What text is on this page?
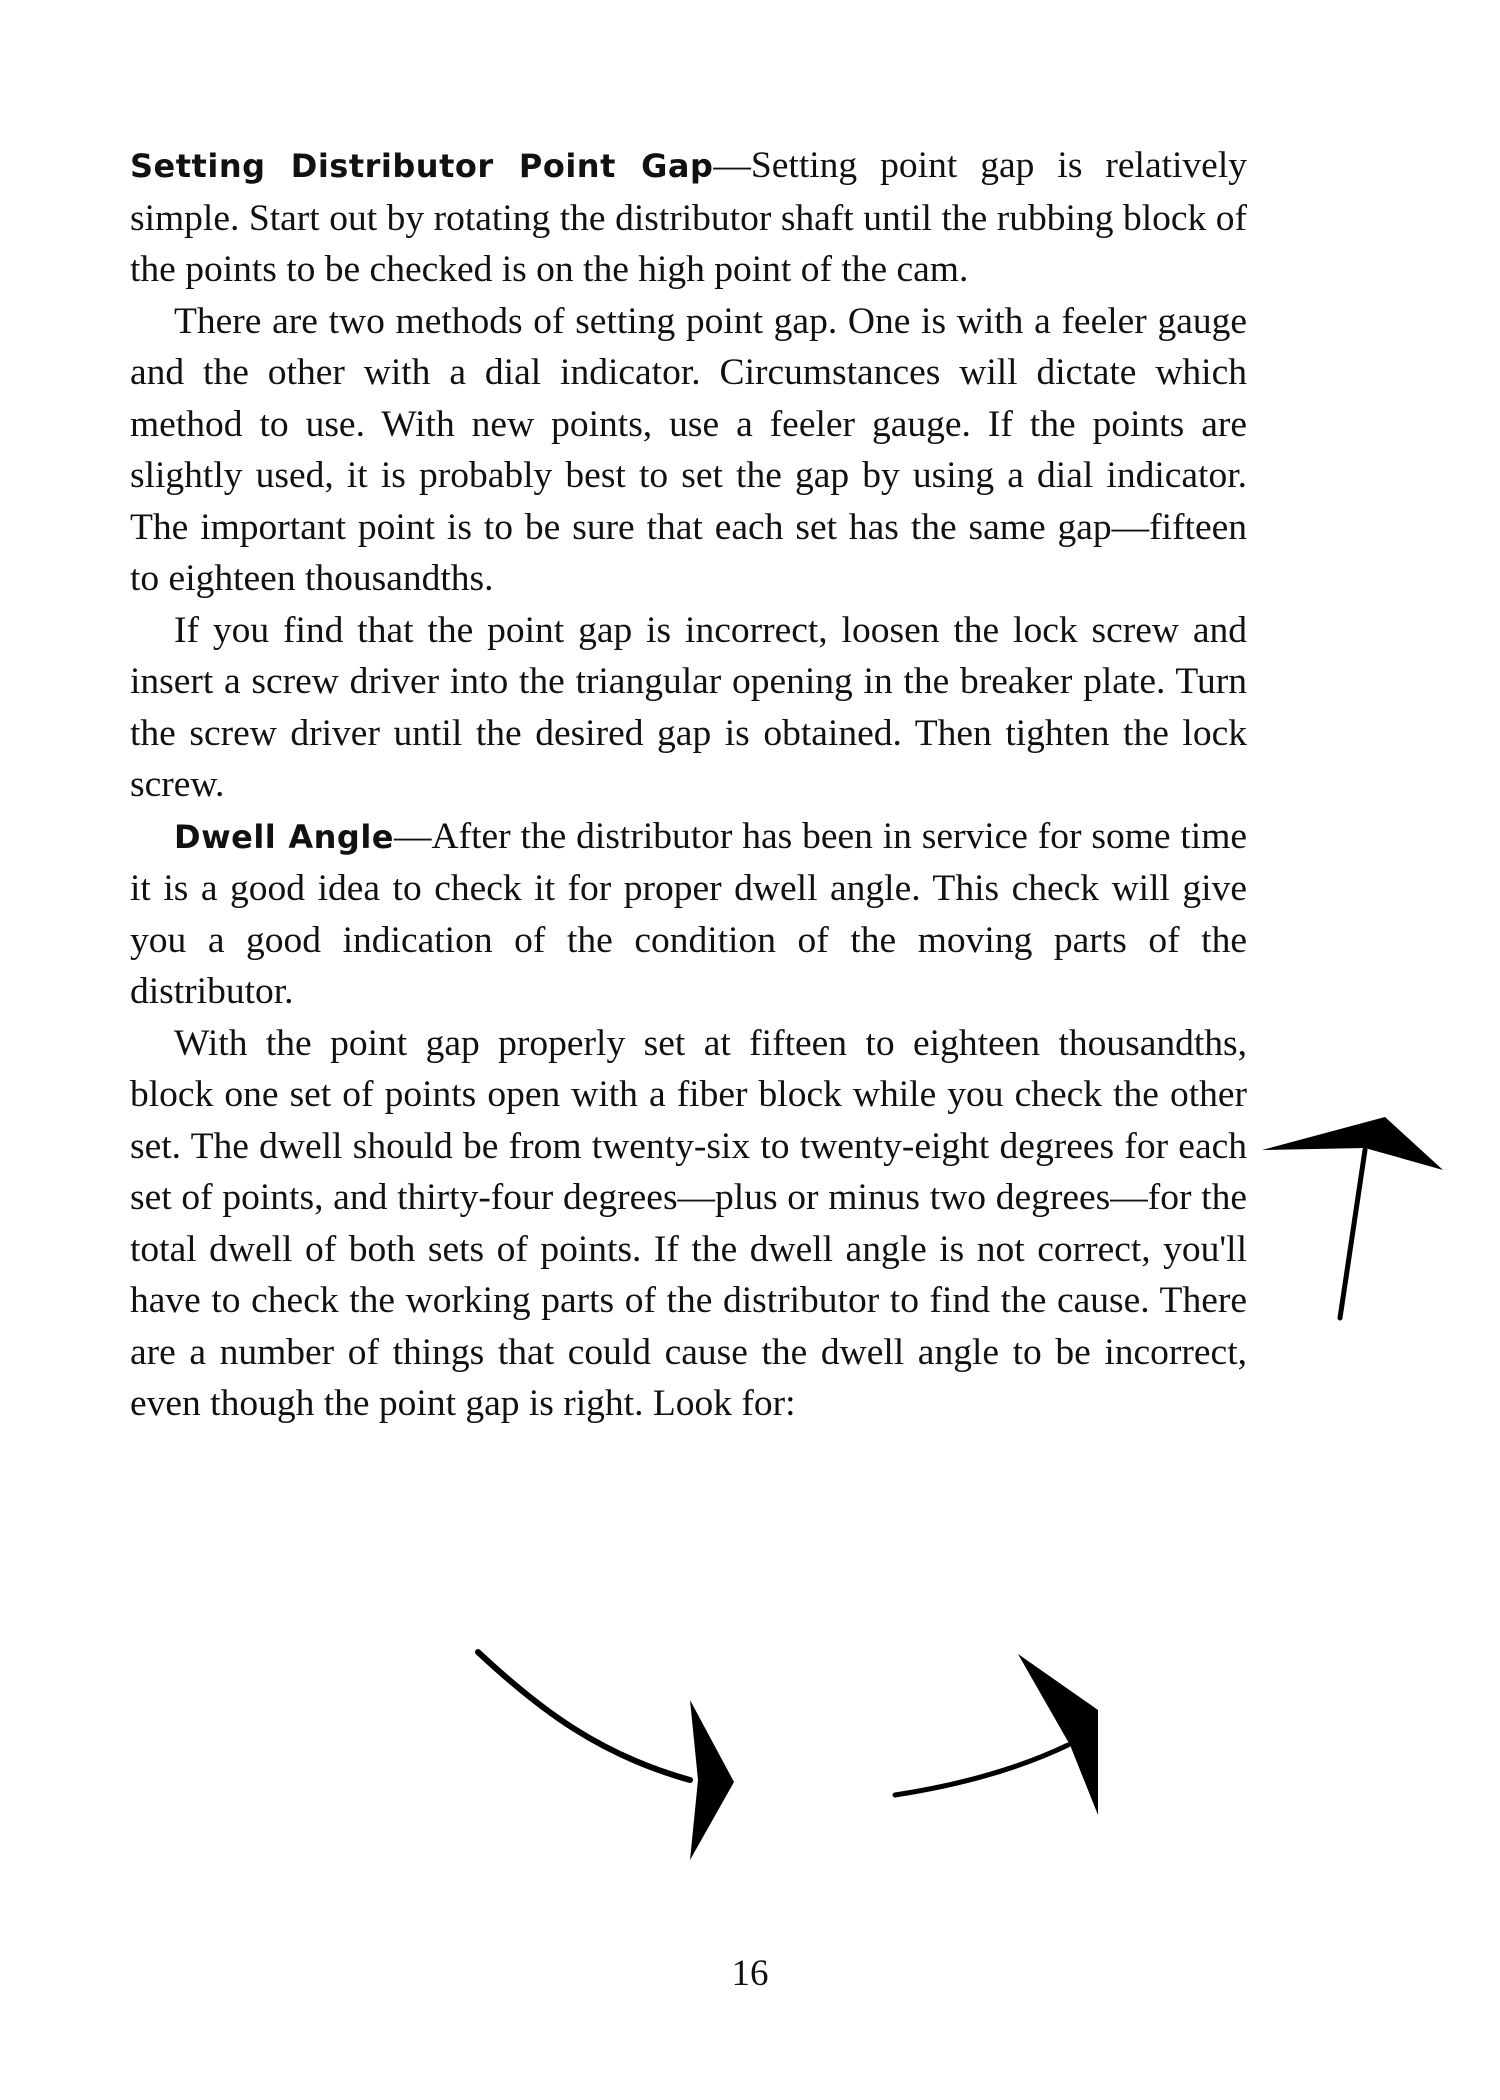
Setting Distributor Point Gap—Setting point gap is relatively simple. Start out by rotating the distributor shaft until the rubbing block of the points to be checked is on the high point of the cam.

There are two methods of setting point gap. One is with a feeler gauge and the other with a dial indicator. Circumstances will dictate which method to use. With new points, use a feeler gauge. If the points are slightly used, it is probably best to set the gap by using a dial indicator. The important point is to be sure that each set has the same gap—fifteen to eighteen thousandths.

If you find that the point gap is incorrect, loosen the lock screw and insert a screw driver into the triangular opening in the breaker plate. Turn the screw driver until the desired gap is obtained. Then tighten the lock screw.

Dwell Angle—After the distributor has been in service for some time it is a good idea to check it for proper dwell angle. This check will give you a good indication of the condition of the moving parts of the distributor.

With the point gap properly set at fifteen to eighteen thousandths, block one set of points open with a fiber block while you check the other set. The dwell should be from twenty-six to twenty-eight degrees for each set of points, and thirty-four degrees—plus or minus two degrees—for the total dwell of both sets of points. If the dwell angle is not correct, you'll have to check the working parts of the distributor to find the cause. There are a number of things that could cause the dwell angle to be incorrect, even though the point gap is right. Look for:

16
